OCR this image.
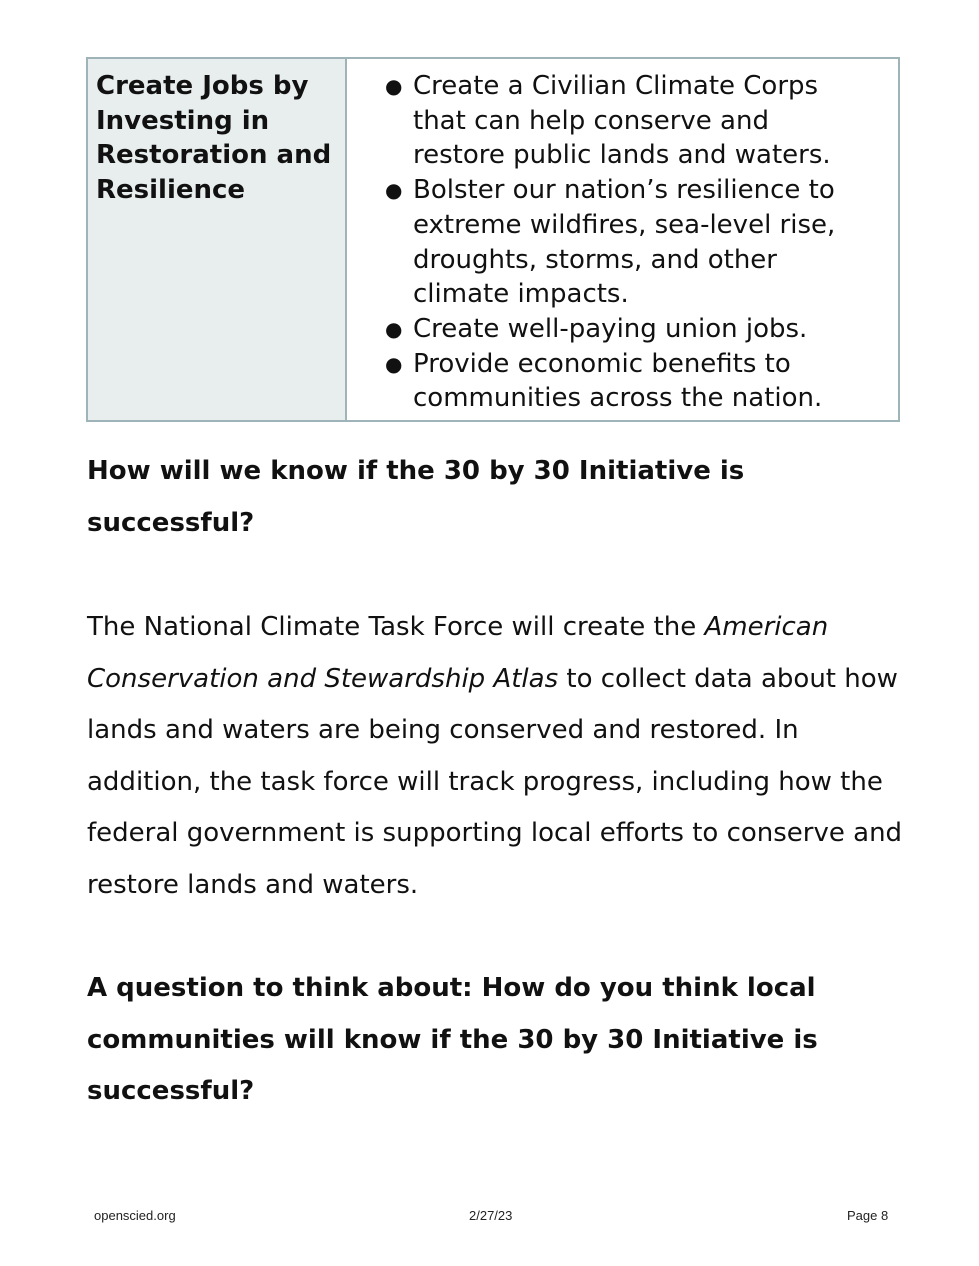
Create Jobs by
Investing in
Restoration and
Resilience

● Create a Civilian Climate Corps
that can help conserve and
restore public lands and waters.
● Bolster our nation’s resilience to
extreme wildfires, sea-level rise,
droughts, storms, and other
climate impacts.
● Create well-paying union jobs.
● Provide economic benefits to
communities across the nation.
How will we know if the 30 by 30 Initiative is
successful?

The National Climate Task Force will create the American Conservation and Stewardship Atlas to collect data about how lands and waters are being conserved and restored. In addition, the task force will track progress, including how the federal government is supporting local efforts to conserve and restore lands and waters.

A question to think about: How do you think local
communities will know if the 30 by 30 Initiative is
successful?
openscied.org	2/27/23	Page 8
